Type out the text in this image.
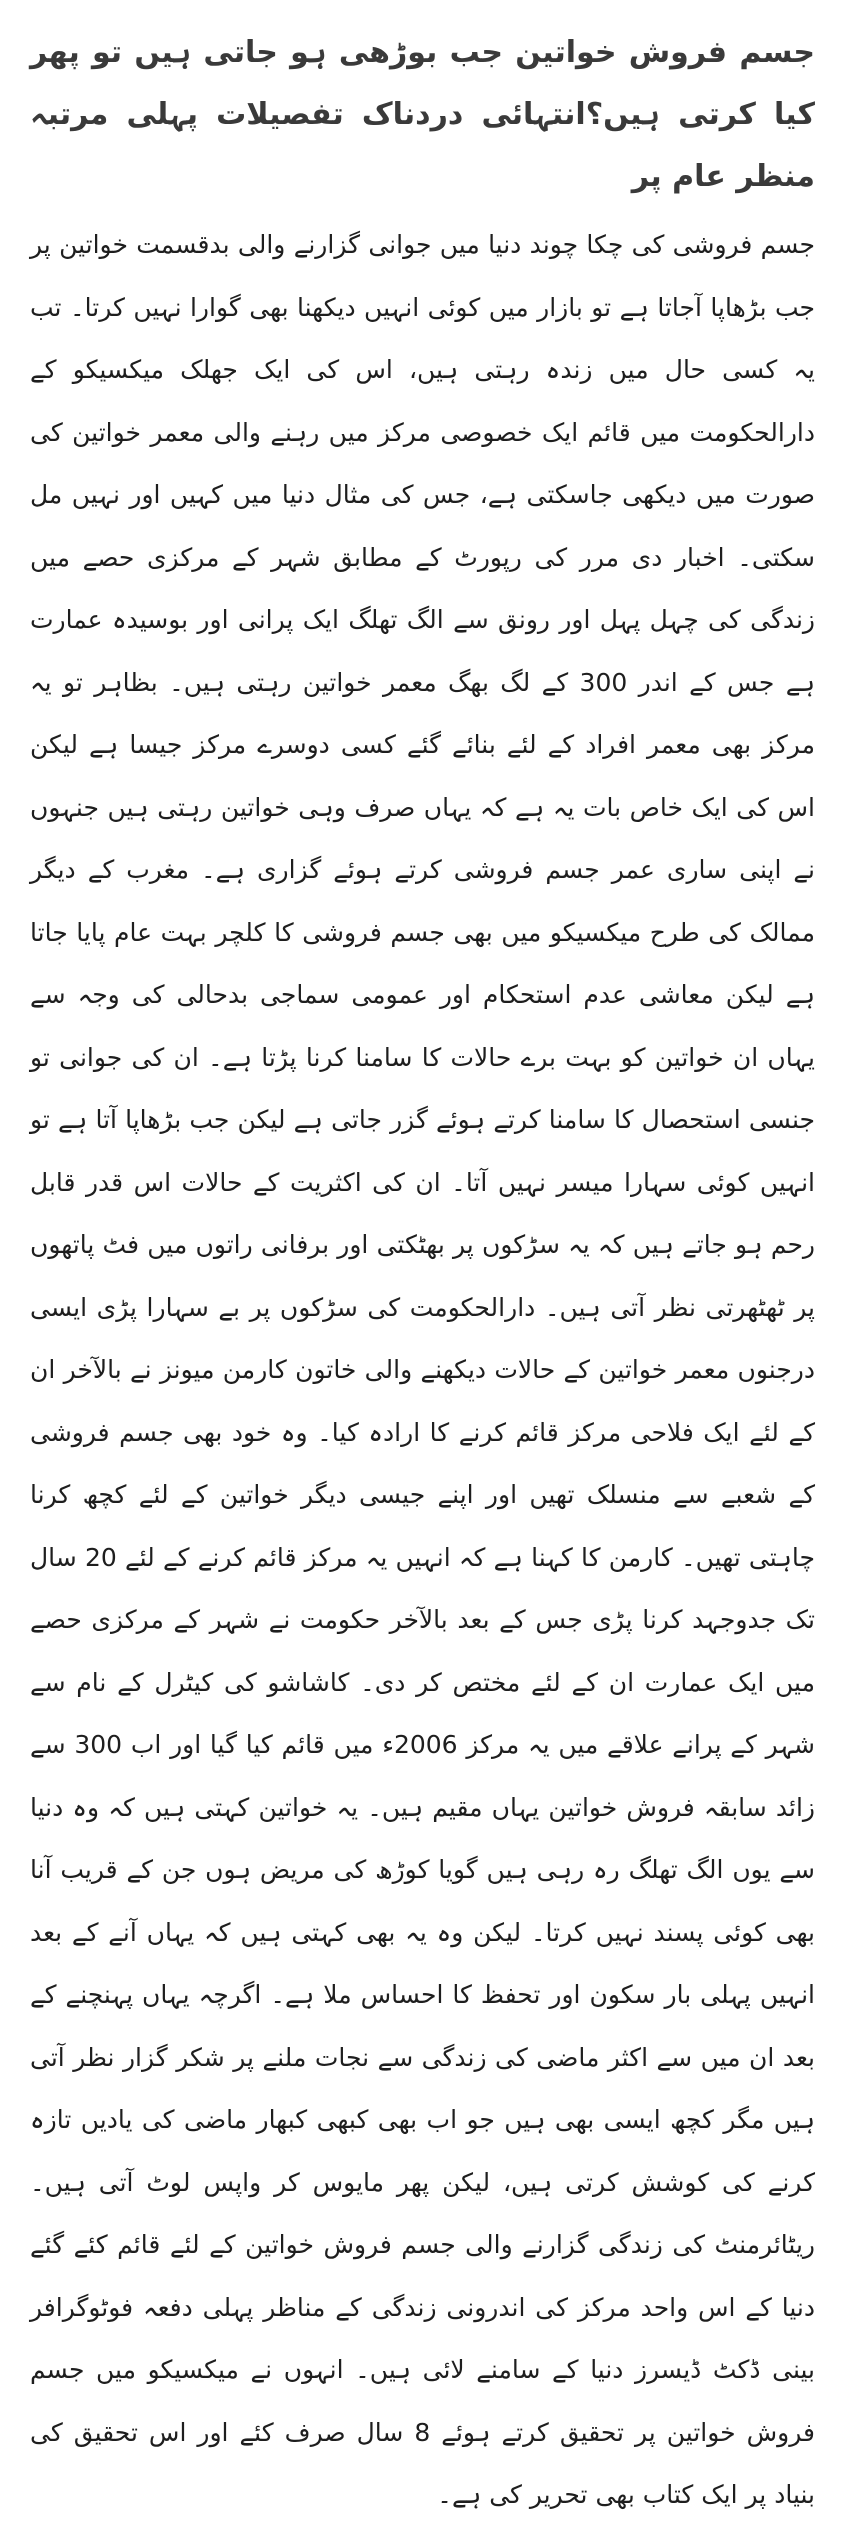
جسم فروش خواتین جب بوڑھی ہو جاتی ہیں تو پھر کیا کرتی ہیں؟انتہائی دردناک تفصیلات پہلی مرتبہ منظر عام پر

جسم فروشی کی چکا چوند دنیا میں جوانی گزارنے والی بدقسمت خواتین پر جب بڑھاپا آجاتا ہے تو بازار میں کوئی انہیں دیکھنا بھی گوارا نہیں کرتا۔ تب یہ کسی حال میں زندہ رہتی ہیں، اس کی ایک جھلک میکسیکو کے دارالحکومت میں قائم ایک خصوصی مرکز میں رہنے والی معمر خواتین کی صورت میں دیکھی جاسکتی ہے، جس کی مثال دنیا میں کہیں اور نہیں مل سکتی۔ اخبار دی مرر کی رپورٹ کے مطابق شہر کے مرکزی حصے میں زندگی کی چہل پہل اور رونق سے الگ تھلگ ایک پرانی اور بوسیدہ عمارت ہے جس کے اندر 300 کے لگ بھگ معمر خواتین رہتی ہیں۔ بظاہر تو یہ مرکز بھی معمر افراد کے لئے بنائے گئے کسی دوسرے مرکز جیسا ہے لیکن اس کی ایک خاص بات یہ ہے کہ یہاں صرف وہی خواتین رہتی ہیں جنہوں نے اپنی ساری عمر جسم فروشی کرتے ہوئے گزاری ہے۔ مغرب کے دیگر ممالک کی طرح میکسیکو میں بھی جسم فروشی کا کلچر بہت عام پایا جاتا ہے لیکن معاشی عدم استحکام اور عمومی سماجی بدحالی کی وجہ سے یہاں ان خواتین کو بہت برے حالات کا سامنا کرنا پڑتا ہے۔ ان کی جوانی تو جنسی استحصال کا سامنا کرتے ہوئے گزر جاتی ہے لیکن جب بڑھاپا آتا ہے تو انہیں کوئی سہارا میسر نہیں آتا۔ ان کی اکثریت کے حالات اس قدر قابل رحم ہو جاتے ہیں کہ یہ سڑکوں پر بھٹکتی اور برفانی راتوں میں فٹ پاتھوں پر ٹھٹھرتی نظر آتی ہیں۔ دارالحکومت کی سڑکوں پر بے سہارا پڑی ایسی درجنوں معمر خواتین کے حالات دیکھنے والی خاتون کارمن میونز نے بالآخر ان کے لئے ایک فلاحی مرکز قائم کرنے کا ارادہ کیا۔ وہ خود بھی جسم فروشی کے شعبے سے منسلک تھیں اور اپنے جیسی دیگر خواتین کے لئے کچھ کرنا چاہتی تھیں۔ کارمن کا کہنا ہے کہ انہیں یہ مرکز قائم کرنے کے لئے 20 سال تک جدوجہد کرنا پڑی جس کے بعد بالآخر حکومت نے شہر کے مرکزی حصے میں ایک عمارت ان کے لئے مختص کر دی۔ کاشاشو کی کیٹرل کے نام سے شہر کے پرانے علاقے میں یہ مرکز 2006ء میں قائم کیا گیا اور اب 300 سے زائد سابقہ فروش خواتین یہاں مقیم ہیں۔ یہ خواتین کہتی ہیں کہ وہ دنیا سے یوں الگ تھلگ رہ رہی ہیں گویا کوڑھ کی مریض ہوں جن کے قریب آنا بھی کوئی پسند نہیں کرتا۔ لیکن وہ یہ بھی کہتی ہیں کہ یہاں آنے کے بعد انہیں پہلی بار سکون اور تحفظ کا احساس ملا ہے۔ اگرچہ یہاں پہنچنے کے بعد ان میں سے اکثر ماضی کی زندگی سے نجات ملنے پر شکر گزار نظر آتی ہیں مگر کچھ ایسی بھی ہیں جو اب بھی کبھی کبھار ماضی کی یادیں تازہ کرنے کی کوشش کرتی ہیں، لیکن پھر مایوس کر واپس لوٹ آتی ہیں۔ ریٹائرمنٹ کی زندگی گزارنے والی جسم فروش خواتین کے لئے قائم کئے گئے دنیا کے اس واحد مرکز کی اندرونی زندگی کے مناظر پہلی دفعہ فوٹوگرافر بینی ڈکٹ ڈیسرز دنیا کے سامنے لائی ہیں۔ انہوں نے میکسیکو میں جسم فروش خواتین پر تحقیق کرتے ہوئے 8 سال صرف کئے اور اس تحقیق کی بنیاد پر ایک کتاب بھی تحریر کی ہے۔
